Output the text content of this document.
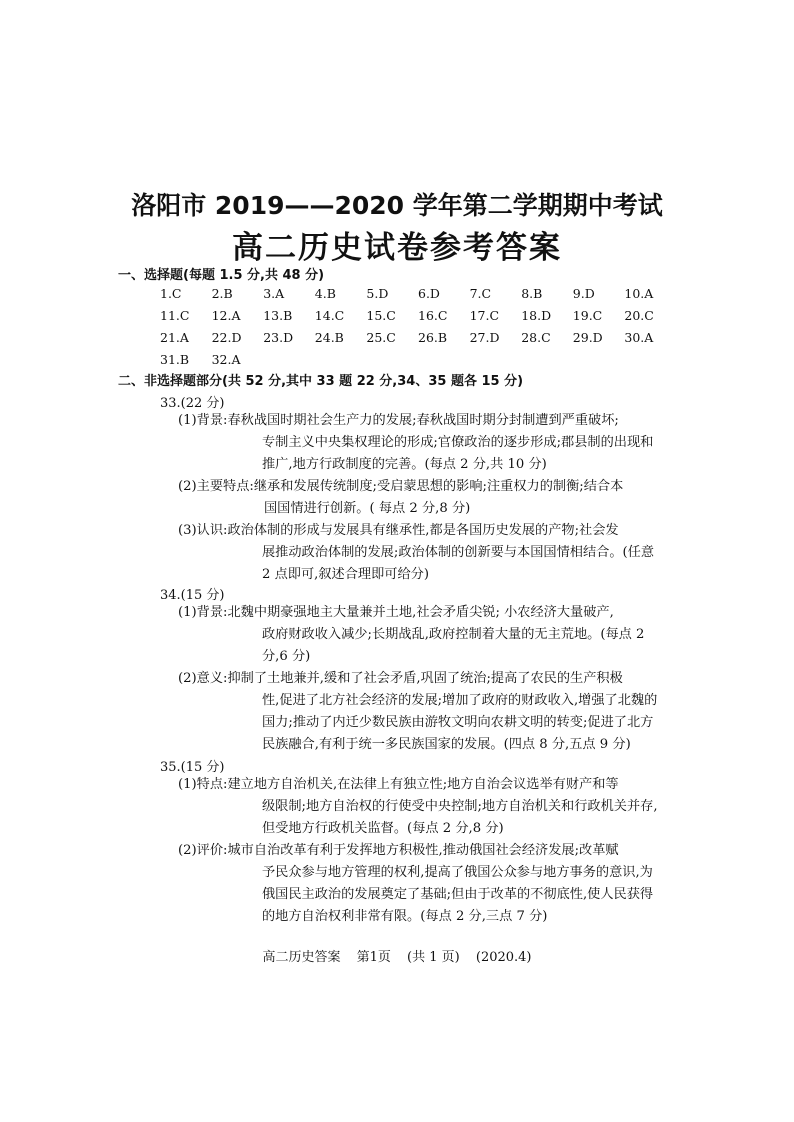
洛阳市 2019——2020 学年第二学期期中考试
高二历史试卷参考答案
一、选择题(每题 1.5 分,共 48 分)
1.C 2.B 3.A 4.B 5.D 6.D 7.C 8.B 9.D 10.A
11.C 12.A 13.B 14.C 15.C 16.C 17.C 18.D 19.C 20.C
21.A 22.D 23.D 24.B 25.C 26.B 27.D 28.C 29.D 30.A
31.B 32.A
二、非选择题部分(共 52 分,其中 33 题 22 分,34、35 题各 15 分)
33.(22 分)
(1)背景:春秋战国时期社会生产力的发展;春秋战国时期分封制遭到严重破坏;
专制主义中央集权理论的形成;官僚政治的逐步形成;郡县制的出现和
推广,地方行政制度的完善。(每点 2 分,共 10 分)
(2)主要特点:继承和发展传统制度;受启蒙思想的影响;注重权力的制衡;结合本
国国情进行创新。( 每点 2 分,8 分)
(3)认识:政治体制的形成与发展具有继承性,都是各国历史发展的产物;社会发
展推动政治体制的发展;政治体制的创新要与本国国情相结合。(任意
2 点即可,叙述合理即可给分)
34.(15 分)
(1)背景:北魏中期豪强地主大量兼并土地,社会矛盾尖锐; 小农经济大量破产,
政府财政收入减少;长期战乱,政府控制着大量的无主荒地。(每点 2
分,6 分)
(2)意义:抑制了土地兼并,缓和了社会矛盾,巩固了统治;提高了农民的生产积极
性,促进了北方社会经济的发展;增加了政府的财政收入,增强了北魏的
国力;推动了内迁少数民族由游牧文明向农耕文明的转变;促进了北方
民族融合,有利于统一多民族国家的发展。(四点 8 分,五点 9 分)
35.(15 分)
(1)特点:建立地方自治机关,在法律上有独立性;地方自治会议选举有财产和等
级限制;地方自治权的行使受中央控制;地方自治机关和行政机关并存,
但受地方行政机关监督。(每点 2 分,8 分)
(2)评价:城市自治改革有利于发挥地方积极性,推动俄国社会经济发展;改革赋
予民众参与地方管理的权利,提高了俄国公众参与地方事务的意识,为
俄国民主政治的发展奠定了基础;但由于改革的不彻底性,使人民获得
的地方自治权利非常有限。(每点 2 分,三点 7 分)
高二历史答案 第1页 (共 1 页) (2020.4)
